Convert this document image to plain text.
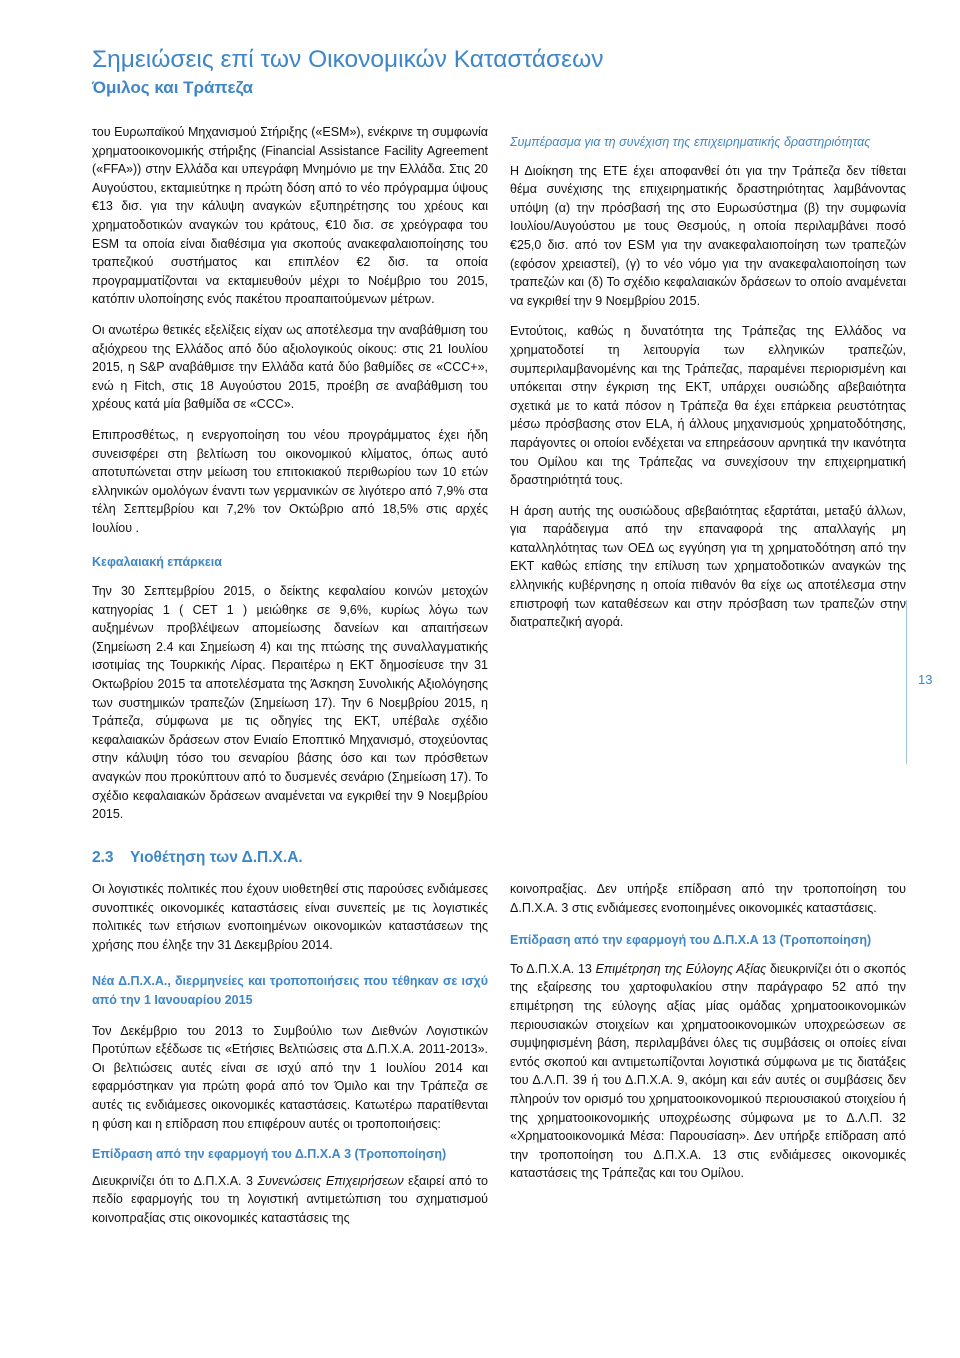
Σημειώσεις επί των Οικονομικών Καταστάσεων
Όμιλος και Τράπεζα

του Ευρωπαϊκού Μηχανισμού Στήριξης («ESM»), ενέκρινε τη συμφωνία χρηματοοικονομικής στήριξης (Financial Assistance Facility Agreement («FFA»)) στην Ελλάδα και υπεγράφη Μνημόνιο με την Ελλάδα. Στις 20 Αυγούστου, εκταμιεύτηκε η πρώτη δόση από το νέο πρόγραμμα ύψους €13 δισ. για την κάλυψη αναγκών εξυπηρέτησης του χρέους και χρηματοδοτικών αναγκών του κράτους, €10 δισ. σε χρεόγραφα του ESM τα οποία είναι διαθέσιμα για σκοπούς ανακεφαλαιοποίησης του τραπεζικού συστήματος και επιπλέον €2 δισ. τα οποία προγραμματίζονται να εκταμιευθούν μέχρι το Νοέμβριο του 2015, κατόπιν υλοποίησης ενός πακέτου προαπαιτούμενων μέτρων.

Οι ανωτέρω θετικές εξελίξεις είχαν ως αποτέλεσμα την αναβάθμιση του αξιόχρεου της Ελλάδος από δύο αξιολογικούς οίκους: στις 21 Ιουλίου 2015, η S&P αναβάθμισε την Ελλάδα κατά δύο βαθμίδες σε «CCC+», ενώ η Fitch, στις 18 Αυγούστου 2015, προέβη σε αναβάθμιση του χρέους κατά μία βαθμίδα σε «CCC».

Επιπροσθέτως, η ενεργοποίηση του νέου προγράμματος έχει ήδη συνεισφέρει στη βελτίωση του οικονομικού κλίματος, όπως αυτό αποτυπώνεται στην μείωση του επιτοκιακού περιθωρίου των 10 ετών ελληνικών ομολόγων έναντι των γερμανικών σε λιγότερο από 7,9% στα τέλη Σεπτεμβρίου και 7,2% τον Οκτώβριο από 18,5% στις αρχές Ιουλίου .

Κεφαλαιακή επάρκεια

Την 30 Σεπτεμβρίου 2015, ο δείκτης κεφαλαίου κοινών μετοχών κατηγορίας 1 ( CET 1 ) μειώθηκε σε 9,6%, κυρίως λόγω των αυξημένων προβλέψεων απομείωσης δανείων και απαιτήσεων (Σημείωση 2.4 και Σημείωση 4) και της πτώσης της συναλλαγματικής ισοτιμίας της Τουρκικής Λίρας. Περαιτέρω η ΕΚΤ δημοσίευσε την 31 Οκτωβρίου 2015 τα αποτελέσματα της Άσκηση Συνολικής Αξιολόγησης των συστημικών τραπεζών (Σημείωση 17). Την 6 Νοεμβρίου 2015, η Τράπεζα, σύμφωνα με τις οδηγίες της ΕΚΤ, υπέβαλε σχέδιο κεφαλαιακών δράσεων στον Ενιαίο Εποπτικό Μηχανισμό, στοχεύοντας στην κάλυψη τόσο του σεναρίου βάσης όσο και των πρόσθετων αναγκών που προκύπτουν από το δυσμενές σενάριο (Σημείωση 17). Το σχέδιο κεφαλαιακών δράσεων αναμένεται να εγκριθεί την 9 Νοεμβρίου 2015.

Συμπέρασμα για τη συνέχιση της επιχειρηματικής δραστηριότητας

Η Διοίκηση της ΕΤΕ έχει αποφανθεί ότι για την Τράπεζα δεν τίθεται θέμα συνέχισης της επιχειρηματικής δραστηριότητας λαμβάνοντας υπόψη (α) την πρόσβασή της στο Ευρωσύστημα (β) την συμφωνία Ιουλίου/Αυγούστου με τους Θεσμούς, η οποία περιλαμβάνει ποσό €25,0 δισ. από τον ESM για την ανακεφαλαιοποίηση των τραπεζών (εφόσον χρειαστεί), (γ) το νέο νόμο για την ανακεφαλαιοποίηση των τραπεζών και (δ) Το σχέδιο κεφαλαιακών δράσεων το οποίο αναμένεται να εγκριθεί την 9 Νοεμβρίου 2015.

Εντούτοις, καθώς η δυνατότητα της Τράπεζας της Ελλάδος να χρηματοδοτεί τη λειτουργία των ελληνικών τραπεζών, συμπεριλαμβανομένης και της Τράπεζας, παραμένει περιορισμένη και υπόκειται στην έγκριση της ΕΚΤ, υπάρχει ουσιώδης αβεβαιότητα σχετικά με το κατά πόσον η Τράπεζα θα έχει επάρκεια ρευστότητας μέσω πρόσβασης στον ELA, ή άλλους μηχανισμούς χρηματοδότησης, παράγοντες οι οποίοι ενδέχεται να επηρεάσουν αρνητικά την ικανότητα του Ομίλου και της Τράπεζας να συνεχίσουν την επιχειρηματική δραστηριότητά τους.

Η άρση αυτής της ουσιώδους αβεβαιότητας εξαρτάται, μεταξύ άλλων, για παράδειγμα από την επαναφορά της απαλλαγής μη καταλληλότητας των ΟΕΔ ως εγγύηση για τη χρηματοδότηση από την ΕΚΤ καθώς επίσης την επίλυση των χρηματοδοτικών αναγκών της ελληνικής κυβέρνησης η οποία πιθανόν θα είχε ως αποτέλεσμα στην επιστροφή των καταθέσεων και στην πρόσβαση των τραπεζών στην διατραπεζική αγορά.

2.3 Υιοθέτηση των Δ.Π.Χ.Α.

Οι λογιστικές πολιτικές που έχουν υιοθετηθεί στις παρούσες ενδιάμεσες συνοπτικές οικονομικές καταστάσεις είναι συνεπείς με τις λογιστικές πολιτικές των ετήσιων ενοποιημένων οικονομικών καταστάσεων της χρήσης που έληξε την 31 Δεκεμβρίου 2014.

Νέα Δ.Π.Χ.Α., διερμηνείες και τροποποιήσεις που τέθηκαν σε ισχύ από την 1 Ιανουαρίου 2015

Τον Δεκέμβριο του 2013 το Συμβούλιο των Διεθνών Λογιστικών Προτύπων εξέδωσε τις «Ετήσιες Βελτιώσεις στα Δ.Π.Χ.Α. 2011-2013». Οι βελτιώσεις αυτές είναι σε ισχύ από την 1 Ιουλίου 2014 και εφαρμόστηκαν για πρώτη φορά από τον Όμιλο και την Τράπεζα σε αυτές τις ενδιάμεσες οικονομικές καταστάσεις. Κατωτέρω παρατίθενται η φύση και η επίδραση που επιφέρουν αυτές οι τροποποιήσεις:

Επίδραση από την εφαρμογή του Δ.Π.Χ.Α 3 (Τροποποίηση)

Διευκρινίζει ότι το Δ.Π.Χ.Α. 3 Συνενώσεις Επιχειρήσεων εξαιρεί από το πεδίο εφαρμογής του τη λογιστική αντιμετώπιση του σχηματισμού κοινοπραξίας στις οικονομικές καταστάσεις της

κοινοπραξίας. Δεν υπήρξε επίδραση από την τροποποίηση του Δ.Π.Χ.Α. 3 στις ενδιάμεσες ενοποιημένες οικονομικές καταστάσεις.

Επίδραση από την εφαρμογή του Δ.Π.Χ.Α 13 (Τροποποίηση)

Το Δ.Π.Χ.Α. 13 Επιμέτρηση της Εύλογης Αξίας διευκρινίζει ότι ο σκοπός της εξαίρεσης του χαρτοφυλακίου στην παράγραφο 52 από την επιμέτρηση της εύλογης αξίας μίας ομάδας χρηματοοικονομικών περιουσιακών στοιχείων και χρηματοοικονομικών υποχρεώσεων σε συμψηφισμένη βάση, περιλαμβάνει όλες τις συμβάσεις οι οποίες είναι εντός σκοπού και αντιμετωπίζονται λογιστικά σύμφωνα με τις διατάξεις του Δ.Λ.Π. 39 ή του Δ.Π.Χ.Α. 9, ακόμη και εάν αυτές οι συμβάσεις δεν πληρούν τον ορισμό του χρηματοοικονομικού περιουσιακού στοιχείου ή της χρηματοοικονομικής υποχρέωσης σύμφωνα με το Δ.Λ.Π. 32 «Χρηματοοικονομικά Μέσα: Παρουσίαση». Δεν υπήρξε επίδραση από την τροποποίηση του Δ.Π.Χ.Α. 13 στις ενδιάμεσες οικονομικές καταστάσεις της Τράπεζας και του Ομίλου.

13
